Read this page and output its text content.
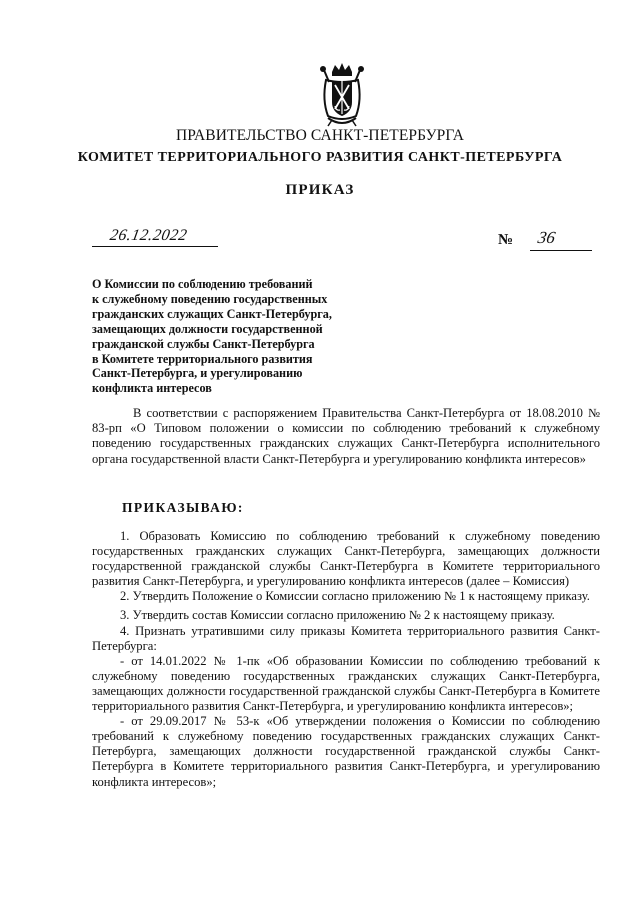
ПРАВИТЕЛЬСТВО САНКТ-ПЕТЕРБУРГА
КОМИТЕТ ТЕРРИТОРИАЛЬНОГО РАЗВИТИЯ САНКТ-ПЕТЕРБУРГА
ПРИКАЗ
26.12.2022	№ 36
О Комиссии по соблюдению требований
к служебному поведению государственных
гражданских служащих Санкт-Петербурга,
замещающих должности государственной
гражданской службы Санкт-Петербурга
в Комитете территориального развития
Санкт-Петербурга, и урегулированию
конфликта интересов

В соответствии с распоряжением Правительства Санкт-Петербурга от 18.08.2010 № 83-рп «О Типовом положении о комиссии по соблюдению требований к служебному поведению государственных гражданских служащих Санкт-Петербурга исполнительного органа государственной власти Санкт-Петербурга и урегулированию конфликта интересов»

ПРИКАЗЫВАЮ:

1. Образовать Комиссию по соблюдению требований к служебному поведению государственных гражданских служащих Санкт-Петербурга, замещающих должности государственной гражданской службы Санкт-Петербурга в Комитете территориального развития Санкт-Петербурга, и урегулированию конфликта интересов (далее – Комиссия)

2. Утвердить Положение о Комиссии согласно приложению № 1 к настоящему приказу.

3. Утвердить состав Комиссии согласно приложению № 2 к настоящему приказу.

4. Признать утратившими силу приказы Комитета территориального развития Санкт-Петербурга:

- от 14.01.2022 № 1-пк «Об образовании Комиссии по соблюдению требований к служебному поведению государственных гражданских служащих Санкт-Петербурга, замещающих должности государственной гражданской службы Санкт-Петербурга в Комитете территориального развития Санкт-Петербурга, и урегулированию конфликта интересов»;

- от 29.09.2017 № 53-к «Об утверждении положения о Комиссии по соблюдению требований к служебному поведению государственных гражданских служащих Санкт-Петербурга, замещающих должности государственной гражданской службы Санкт-Петербурга в Комитете территориального развития Санкт-Петербурга, и урегулированию конфликта интересов»;
